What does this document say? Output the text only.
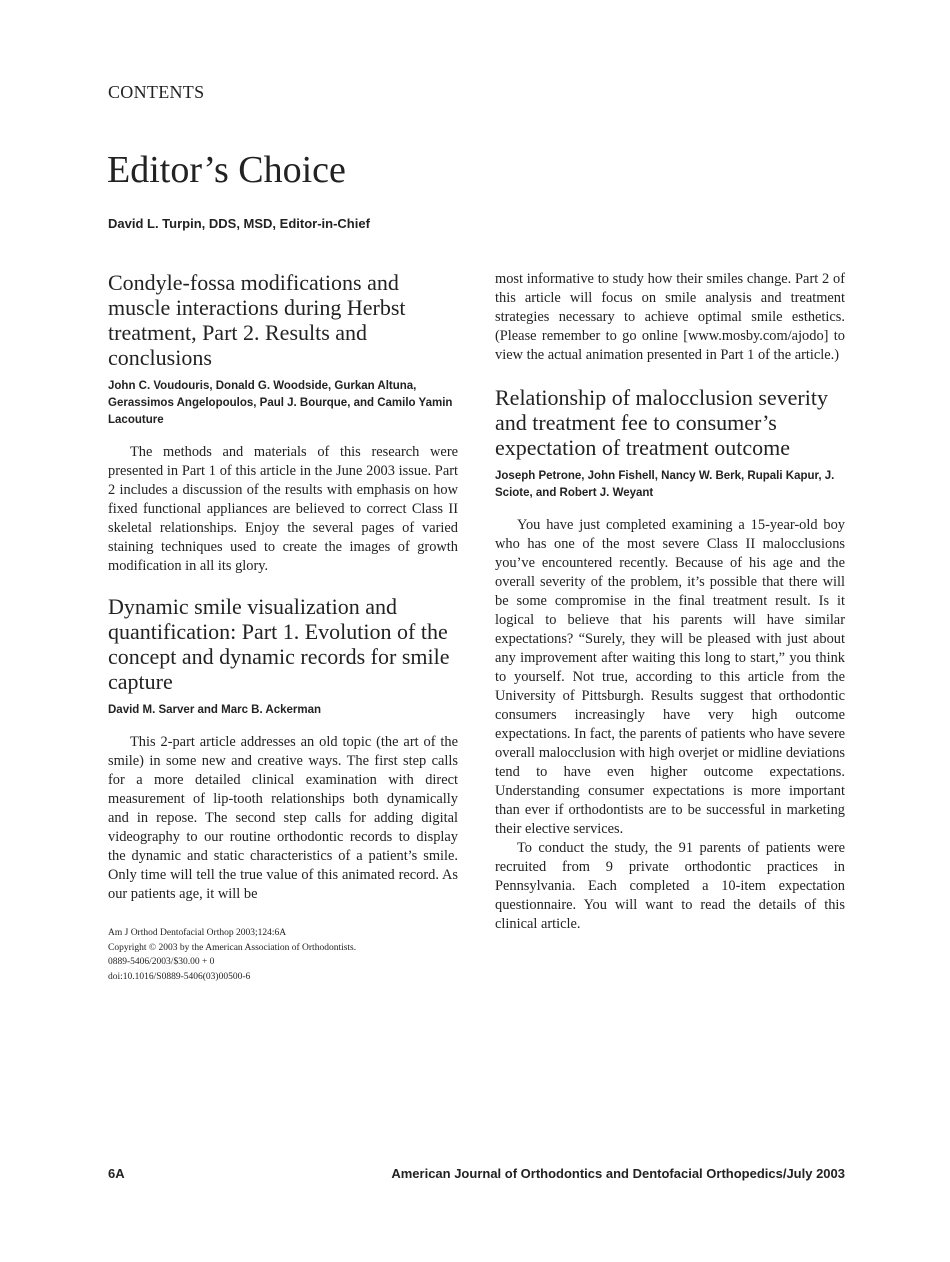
CONTENTS
Editor’s Choice
David L. Turpin, DDS, MSD, Editor-in-Chief
Condyle-fossa modifications and muscle interactions during Herbst treatment, Part 2. Results and conclusions

John C. Voudouris, Donald G. Woodside, Gurkan Altuna, Gerassimos Angelopoulos, Paul J. Bourque, and Camilo Yamin Lacouture

The methods and materials of this research were presented in Part 1 of this article in the June 2003 issue. Part 2 includes a discussion of the results with emphasis on how fixed functional appliances are believed to correct Class II skeletal relationships. Enjoy the several pages of varied staining techniques used to create the images of growth modification in all its glory.

Dynamic smile visualization and quantification: Part 1. Evolution of the concept and dynamic records for smile capture

David M. Sarver and Marc B. Ackerman

This 2-part article addresses an old topic (the art of the smile) in some new and creative ways. The first step calls for a more detailed clinical examination with direct measurement of lip-tooth relationships both dynamically and in repose. The second step calls for adding digital videography to our routine orthodontic records to display the dynamic and static characteristics of a patient’s smile. Only time will tell the true value of this animated record. As our patients age, it will be

most informative to study how their smiles change. Part 2 of this article will focus on smile analysis and treatment strategies necessary to achieve optimal smile esthetics. (Please remember to go online [www.mosby.com/ajodo] to view the actual animation presented in Part 1 of the article.)

Relationship of malocclusion severity and treatment fee to consumer’s expectation of treatment outcome

Joseph Petrone, John Fishell, Nancy W. Berk, Rupali Kapur, J. Sciote, and Robert J. Weyant

You have just completed examining a 15-year-old boy who has one of the most severe Class II malocclusions you’ve encountered recently. Because of his age and the overall severity of the problem, it’s possible that there will be some compromise in the final treatment result. Is it logical to believe that his parents will have similar expectations? “Surely, they will be pleased with just about any improvement after waiting this long to start,” you think to yourself. Not true, according to this article from the University of Pittsburgh. Results suggest that orthodontic consumers increasingly have very high outcome expectations. In fact, the parents of patients who have severe overall malocclusion with high overjet or midline deviations tend to have even higher outcome expectations. Understanding consumer expectations is more important than ever if orthodontists are to be successful in marketing their elective services.

To conduct the study, the 91 parents of patients were recruited from 9 private orthodontic practices in Pennsylvania. Each completed a 10-item expectation questionnaire. You will want to read the details of this clinical article.

Am J Orthod Dentofacial Orthop 2003;124:6A
Copyright © 2003 by the American Association of Orthodontists.
0889-5406/2003/$30.00 + 0
doi:10.1016/S0889-5406(03)00500-6
6A	American Journal of Orthodontics and Dentofacial Orthopedics/July 2003
